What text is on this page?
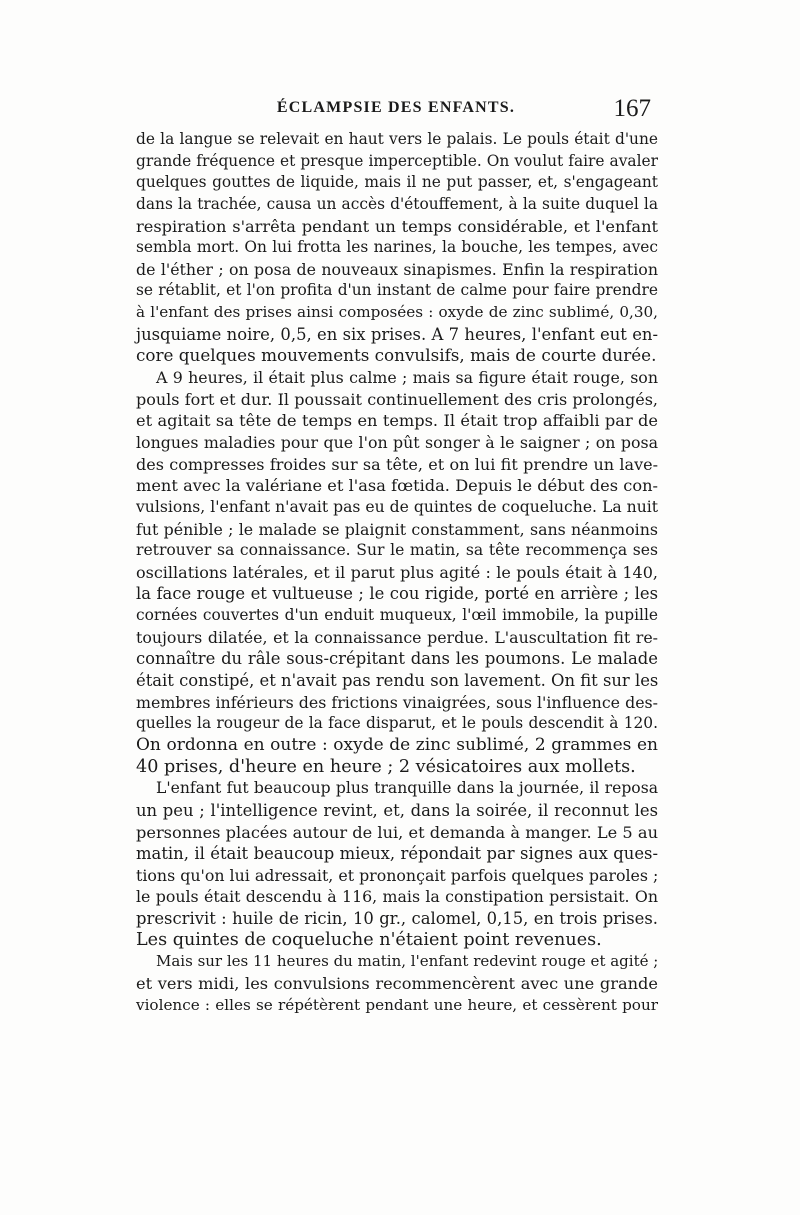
ÉCLAMPSIE DES ENFANTS.	167
de la langue se relevait en haut vers le palais. Le pouls était d'une
grande fréquence et presque imperceptible. On voulut faire avaler
quelques gouttes de liquide, mais il ne put passer, et, s'engageant
dans la trachée, causa un accès d'étouffement, à la suite duquel la
respiration s'arrêta pendant un temps considérable, et l'enfant
sembla mort. On lui frotta les narines, la bouche, les tempes, avec
de l'éther ; on posa de nouveaux sinapismes. Enfin la respiration
se rétablit, et l'on profita d'un instant de calme pour faire prendre
à l'enfant des prises ainsi composées : oxyde de zinc sublimé, 0,30,
jusquiame noire, 0,5, en six prises. A 7 heures, l'enfant eut en-
core quelques mouvements convulsifs, mais de courte durée.
A 9 heures, il était plus calme ; mais sa figure était rouge, son
pouls fort et dur. Il poussait continuellement des cris prolongés,
et agitait sa tête de temps en temps. Il était trop affaibli par de
longues maladies pour que l'on pût songer à le saigner ; on posa
des compresses froides sur sa tête, et on lui fit prendre un lave-
ment avec la valériane et l'asa fœtida. Depuis le début des con-
vulsions, l'enfant n'avait pas eu de quintes de coqueluche. La nuit
fut pénible ; le malade se plaignit constamment, sans néanmoins
retrouver sa connaissance. Sur le matin, sa tête recommença ses
oscillations latérales, et il parut plus agité : le pouls était à 140,
la face rouge et vultueuse ; le cou rigide, porté en arrière ; les
cornées couvertes d'un enduit muqueux, l'œil immobile, la pupille
toujours dilatée, et la connaissance perdue. L'auscultation fit re-
connaître du râle sous-crépitant dans les poumons. Le malade
était constipé, et n'avait pas rendu son lavement. On fit sur les
membres inférieurs des frictions vinaigrées, sous l'influence des-
quelles la rougeur de la face disparut, et le pouls descendit à 120.
On ordonna en outre : oxyde de zinc sublimé, 2 grammes en
40 prises, d'heure en heure ; 2 vésicatoires aux mollets.
L'enfant fut beaucoup plus tranquille dans la journée, il reposa
un peu ; l'intelligence revint, et, dans la soirée, il reconnut les
personnes placées autour de lui, et demanda à manger. Le 5 au
matin, il était beaucoup mieux, répondait par signes aux ques-
tions qu'on lui adressait, et prononçait parfois quelques paroles ;
le pouls était descendu à 116, mais la constipation persistait. On
prescrivit : huile de ricin, 10 gr., calomel, 0,15, en trois prises.
Les quintes de coqueluche n'étaient point revenues.
Mais sur les 11 heures du matin, l'enfant redevint rouge et agité ;
et vers midi, les convulsions recommencèrent avec une grande
violence : elles se répétèrent pendant une heure, et cessèrent pour
